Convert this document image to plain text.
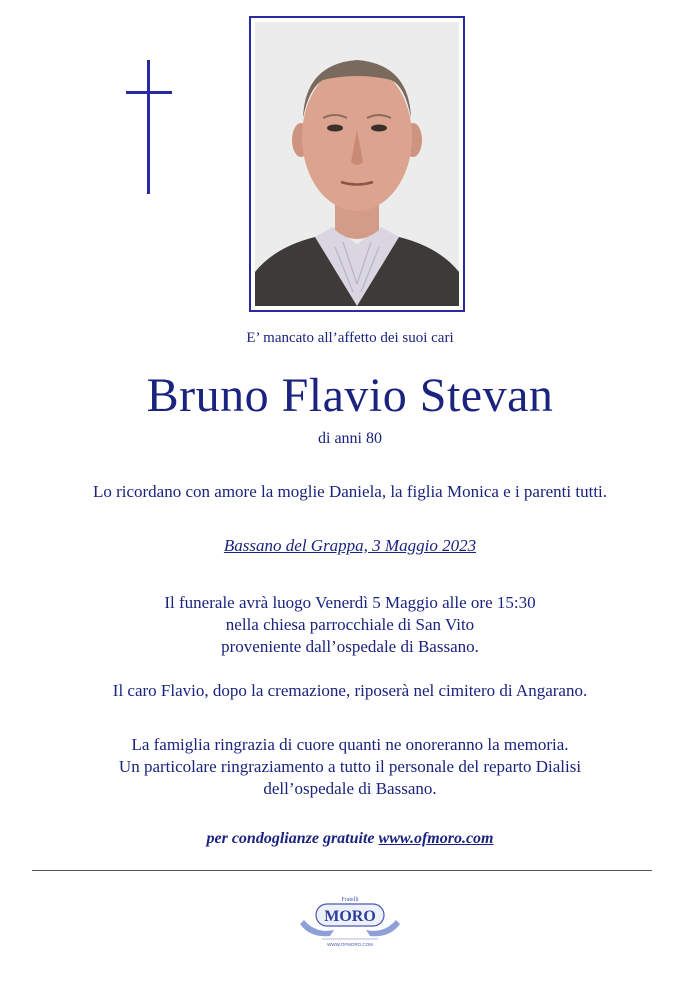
E’ mancato all’affetto dei suoi cari
Bruno Flavio Stevan
di anni 80
Lo ricordano con amore la moglie Daniela, la figlia Monica e i parenti tutti.
Bassano del Grappa, 3 Maggio 2023
Il funerale avrà luogo Venerdì 5 Maggio alle ore 15:30
nella chiesa parrocchiale di San Vito
proveniente dall’ospedale di Bassano.
Il caro Flavio, dopo la cremazione, riposerà nel cimitero di Angarano.
La famiglia ringrazia di cuore quanti ne onoreranno la memoria.
Un particolare ringraziamento a tutto il personale del reparto Dialisi
dell’ospedale di Bassano.
per condoglianze gratuite www.ofmoro.com
Fratelli
MORO
WWW.OFMORO.COM
